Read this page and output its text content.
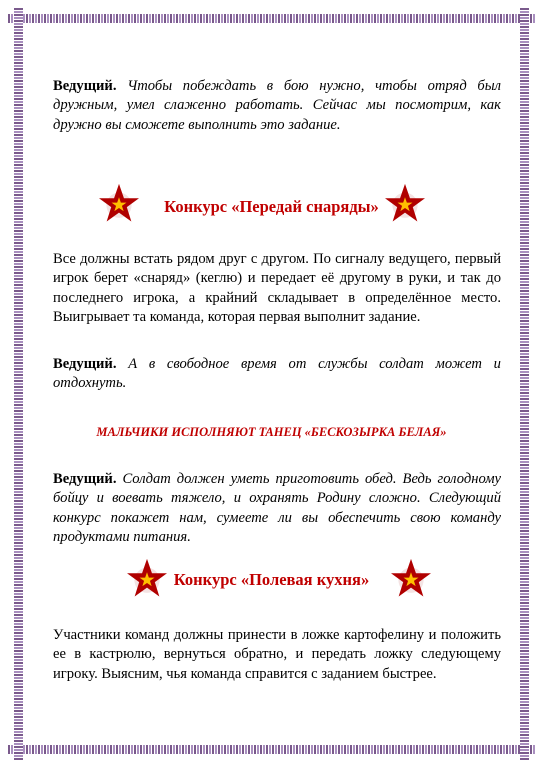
Ведущий. Чтобы побеждать в бою нужно, чтобы отряд был дружным, умел слаженно работать. Сейчас мы посмотрим, как дружно вы сможете выполнить это задание.

Конкурс «Передай снаряды»

Все должны встать рядом друг с другом. По сигналу ведущего, первый игрок берет «снаряд» (кеглю) и передает её другому в руки, и так до последнего игрока, а крайний складывает в определённое место. Выигрывает та команда, которая первая выполнит задание.

Ведущий. А в свободное время от службы солдат может и отдохнуть.

МАЛЬЧИКИ ИСПОЛНЯЮТ ТАНЕЦ «БЕСКОЗЫРКА БЕЛАЯ»

Ведущий. Солдат должен уметь приготовить обед. Ведь голодному бойцу и воевать тяжело, и охранять Родину сложно. Следующий конкурс покажет нам, сумеете ли вы обеспечить свою команду продуктами питания.

Конкурс «Полевая кухня»

Участники команд должны принести в ложке картофелину и положить ее в кастрюлю, вернуться обратно, и передать ложку следующему игроку. Выясним, чья команда справится с заданием быстрее.
